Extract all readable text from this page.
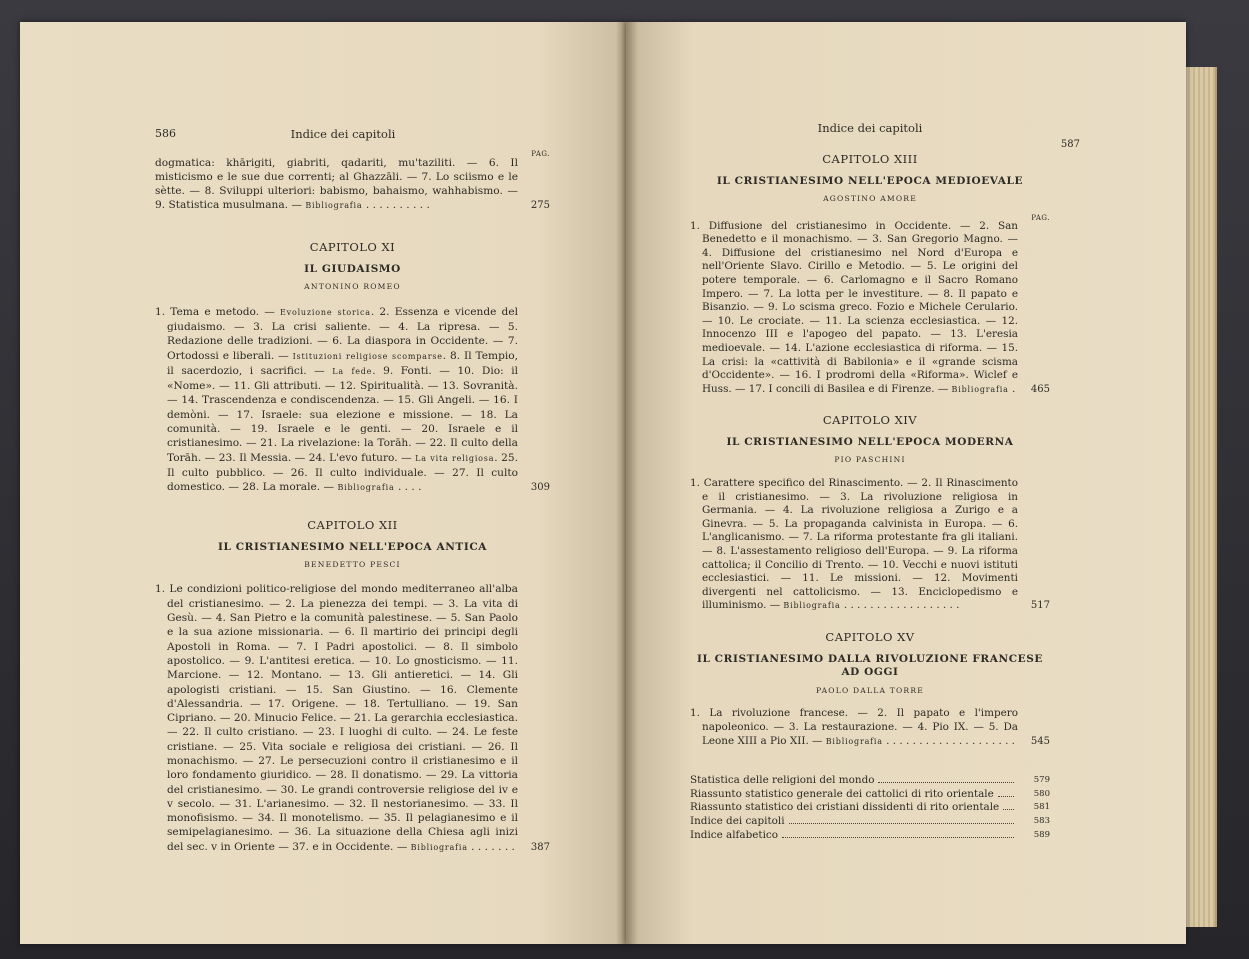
586	Indice dei capitoli
PAG.
dogmatica: khārigiti, giabriti, qadariti, mu'taziliti. — 6. Il misticismo e le sue due correnti; al Ghazzāli. — 7. Lo sciismo e le sètte. — 8. Sviluppi ulteriori: babismo, bahaismo, wahhabismo. — 9. Statistica musulmana. — Bibliografia . . . . . . . . . .	275
CAPITOLO XI
IL GIUDAISMO
ANTONINO ROMEO
1. Tema e metodo. — Evoluzione storica. 2. Essenza e vicende del giudaismo. — 3. La crisi saliente. — 4. La ripresa. — 5. Redazione delle tradizioni. — 6. La diaspora in Occidente. — 7. Ortodossi e liberali. — Istituzioni religiose scomparse. 8. Il Tempio, il sacerdozio, i sacrifici. — La fede. 9. Fonti. — 10. Dio: il «Nome». — 11. Gli attributi. — 12. Spiritualità. — 13. Sovranità. — 14. Trascendenza e condiscendenza. — 15. Gli Angeli. — 16. I demòni. — 17. Israele: sua elezione e missione. — 18. La comunità. — 19. Israele e le genti. — 20. Israele e il cristianesimo. — 21. La rivelazione: la Torāh. — 22. Il culto della Torāh. — 23. Il Messia. — 24. L'evo futuro. — La vita religiosa. 25. Il culto pubblico. — 26. Il culto individuale. — 27. Il culto domestico. — 28. La morale. — Bibliografia . . . .	309
CAPITOLO XII
IL CRISTIANESIMO NELL'EPOCA ANTICA
BENEDETTO PESCI
1. Le condizioni politico-religiose del mondo mediterraneo all'alba del cristianesimo. — 2. La pienezza dei tempi. — 3. La vita di Gesù. — 4. San Pietro e la comunità palestinese. — 5. San Paolo e la sua azione missionaria. — 6. Il martirio dei principi degli Apostoli in Roma. — 7. I Padri apostolici. — 8. Il simbolo apostolico. — 9. L'antitesi eretica. — 10. Lo gnosticismo. — 11. Marcione. — 12. Montano. — 13. Gli antieretici. — 14. Gli apologisti cristiani. — 15. San Giustino. — 16. Clemente d'Alessandria. — 17. Origene. — 18. Tertulliano. — 19. San Cipriano. — 20. Minucio Felice. — 21. La gerarchia ecclesiastica. — 22. Il culto cristiano. — 23. I luoghi di culto. — 24. Le feste cristiane. — 25. Vita sociale e religiosa dei cristiani. — 26. Il monachismo. — 27. Le persecuzioni contro il cristianesimo e il loro fondamento giuridico. — 28. Il donatismo. — 29. La vittoria del cristianesimo. — 30. Le grandi controversie religiose del iv e v secolo. — 31. L'arianesimo. — 32. Il nestorianesimo. — 33. Il monofisismo. — 34. Il monotelismo. — 35. Il pelagianesimo e il semipelagianesimo. — 36. La situazione della Chiesa agli inizi del sec. v in Oriente — 37. e in Occidente. — Bibliografia . . . . . . . 387
Indice dei capitoli
587
CAPITOLO XIII
IL CRISTIANESIMO NELL'EPOCA MEDIOEVALE
AGOSTINO AMORE
PAG.
1. Diffusione del cristianesimo in Occidente. — 2. San Benedetto e il monachismo. — 3. San Gregorio Magno. — 4. Diffusione del cristianesimo nel Nord d'Europa e nell'Oriente Slavo. Cirillo e Metodio. — 5. Le origini del potere temporale. — 6. Carlomagno e il Sacro Romano Impero. — 7. La lotta per le investiture. — 8. Il papato e Bisanzio. — 9. Lo scisma greco. Fozio e Michele Cerulario. — 10. Le crociate. — 11. La scienza ecclesiastica. — 12. Innocenzo III e l'apogeo del papato. — 13. L'eresia medioevale. — 14. L'azione ecclesiastica di riforma. — 15. La crisi: la «cattività di Babilonia» e il «grande scisma d'Occidente». — 16. I prodromi della «Riforma». Wiclef e Huss. — 17. I concili di Basilea e di Firenze. — Bibliografia . 465
CAPITOLO XIV
IL CRISTIANESIMO NELL'EPOCA MODERNA
PIO PASCHINI
1. Carattere specifico del Rinascimento. — 2. Il Rinascimento e il cristianesimo. — 3. La rivoluzione religiosa in Germania. — 4. La rivoluzione religiosa a Zurigo e a Ginevra. — 5. La propaganda calvinista in Europa. — 6. L'anglicanismo. — 7. La riforma protestante fra gli italiani. — 8. L'assestamento religioso dell'Europa. — 9. La riforma cattolica; il Concilio di Trento. — 10. Vecchi e nuovi istituti ecclesiastici. — 11. Le missioni. — 12. Movimenti divergenti nel cattolicismo. — 13. Enciclopedismo e illuminismo. — Bibliografia . . . . . . . . . . . . . . . . . .	517
CAPITOLO XV
IL CRISTIANESIMO DALLA RIVOLUZIONE FRANCESE AD OGGI
PAOLO DALLA TORRE
1. La rivoluzione francese. — 2. Il papato e l'impero napoleonico. — 3. La restaurazione. — 4. Pio IX. — 5. Da Leone XIII a Pio XII. — Bibliografia . . . . . . . . . . . . . . . . . . . . 545
Statistica delle religioni del mondo	579
Riassunto statistico generale dei cattolici di rito orientale	580
Riassunto statistico dei cristiani dissidenti di rito orientale	581
Indice dei capitoli	583
Indice alfabetico	589
